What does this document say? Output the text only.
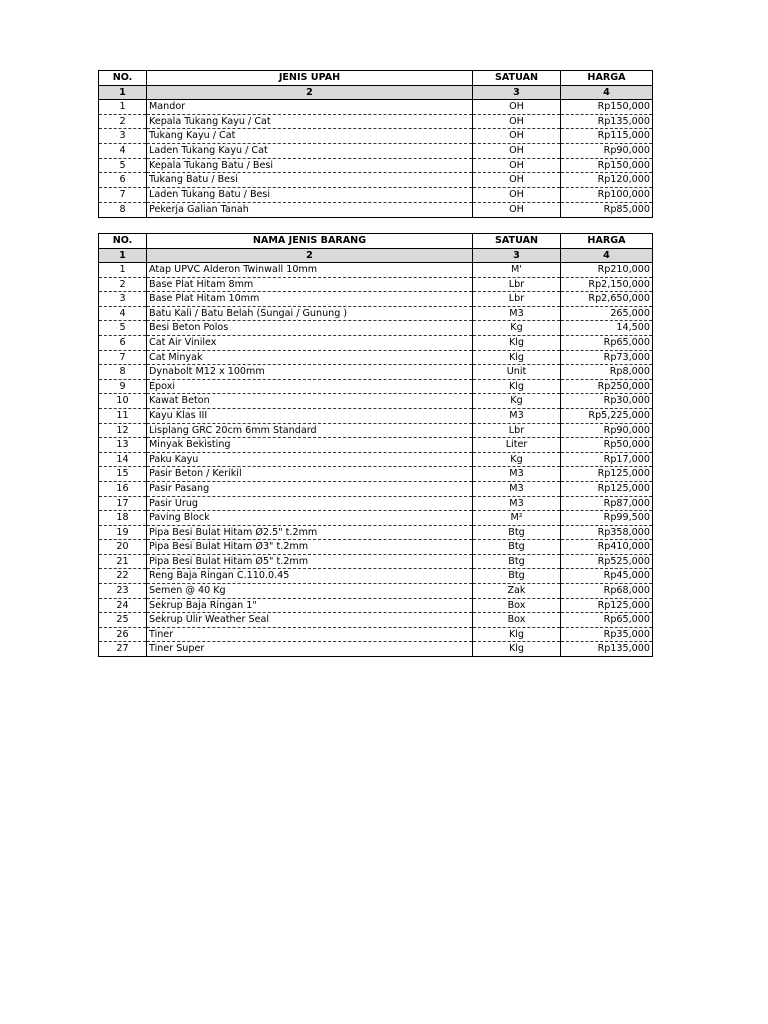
NO.	JENIS UPAH	SATUAN	HARGA
1	2	3	4
1	Mandor	OH	Rp150,000
2	Kepala Tukang Kayu / Cat	OH	Rp135,000
3	Tukang Kayu / Cat	OH	Rp115,000
4	Laden Tukang Kayu / Cat	OH	Rp90,000
5	Kepala Tukang Batu / Besi	OH	Rp150,000
6	Tukang Batu / Besi	OH	Rp120,000
7	Laden Tukang Batu / Besi	OH	Rp100,000
8	Pekerja Galian Tanah	OH	Rp85,000
NO.	NAMA JENIS BARANG	SATUAN	HARGA
1	2	3	4
1	Atap UPVC Alderon Twinwall 10mm	M'	Rp210,000
2	Base Plat Hitam 8mm	Lbr	Rp2,150,000
3	Base Plat Hitam 10mm	Lbr	Rp2,650,000
4	Batu Kali / Batu Belah (Sungai / Gunung )	M3	265,000
5	Besi Beton Polos	Kg	14,500
6	Cat Air Vinilex	Klg	Rp65,000
7	Cat Minyak	Klg	Rp73,000
8	Dynabolt M12 x 100mm	Unit	Rp8,000
9	Epoxi	Klg	Rp250,000
10	Kawat Beton	Kg	Rp30,000
11	Kayu Klas III	M3	Rp5,225,000
12	Lisplang GRC 20cm 6mm Standard	Lbr	Rp90,000
13	Minyak Bekisting	Liter	Rp50,000
14	Paku Kayu	Kg	Rp17,000
15	Pasir Beton / Kerikil	M3	Rp125,000
16	Pasir Pasang	M3	Rp125,000
17	Pasir Urug	M3	Rp87,000
18	Paving Block	M²	Rp99,500
19	Pipa Besi Bulat Hitam Ø2.5" t.2mm	Btg	Rp358,000
20	Pipa Besi Bulat Hitam Ø3" t.2mm	Btg	Rp410,000
21	Pipa Besi Bulat Hitam Ø5" t.2mm	Btg	Rp525,000
22	Reng Baja Ringan C.110.0.45	Btg	Rp45,000
23	Semen @ 40 Kg	Zak	Rp68,000
24	Sekrup Baja Ringan 1"	Box	Rp125,000
25	Sekrup Ulir Weather Seal	Box	Rp65,000
26	Tiner	Klg	Rp35,000
27	Tiner Super	Klg	Rp135,000
